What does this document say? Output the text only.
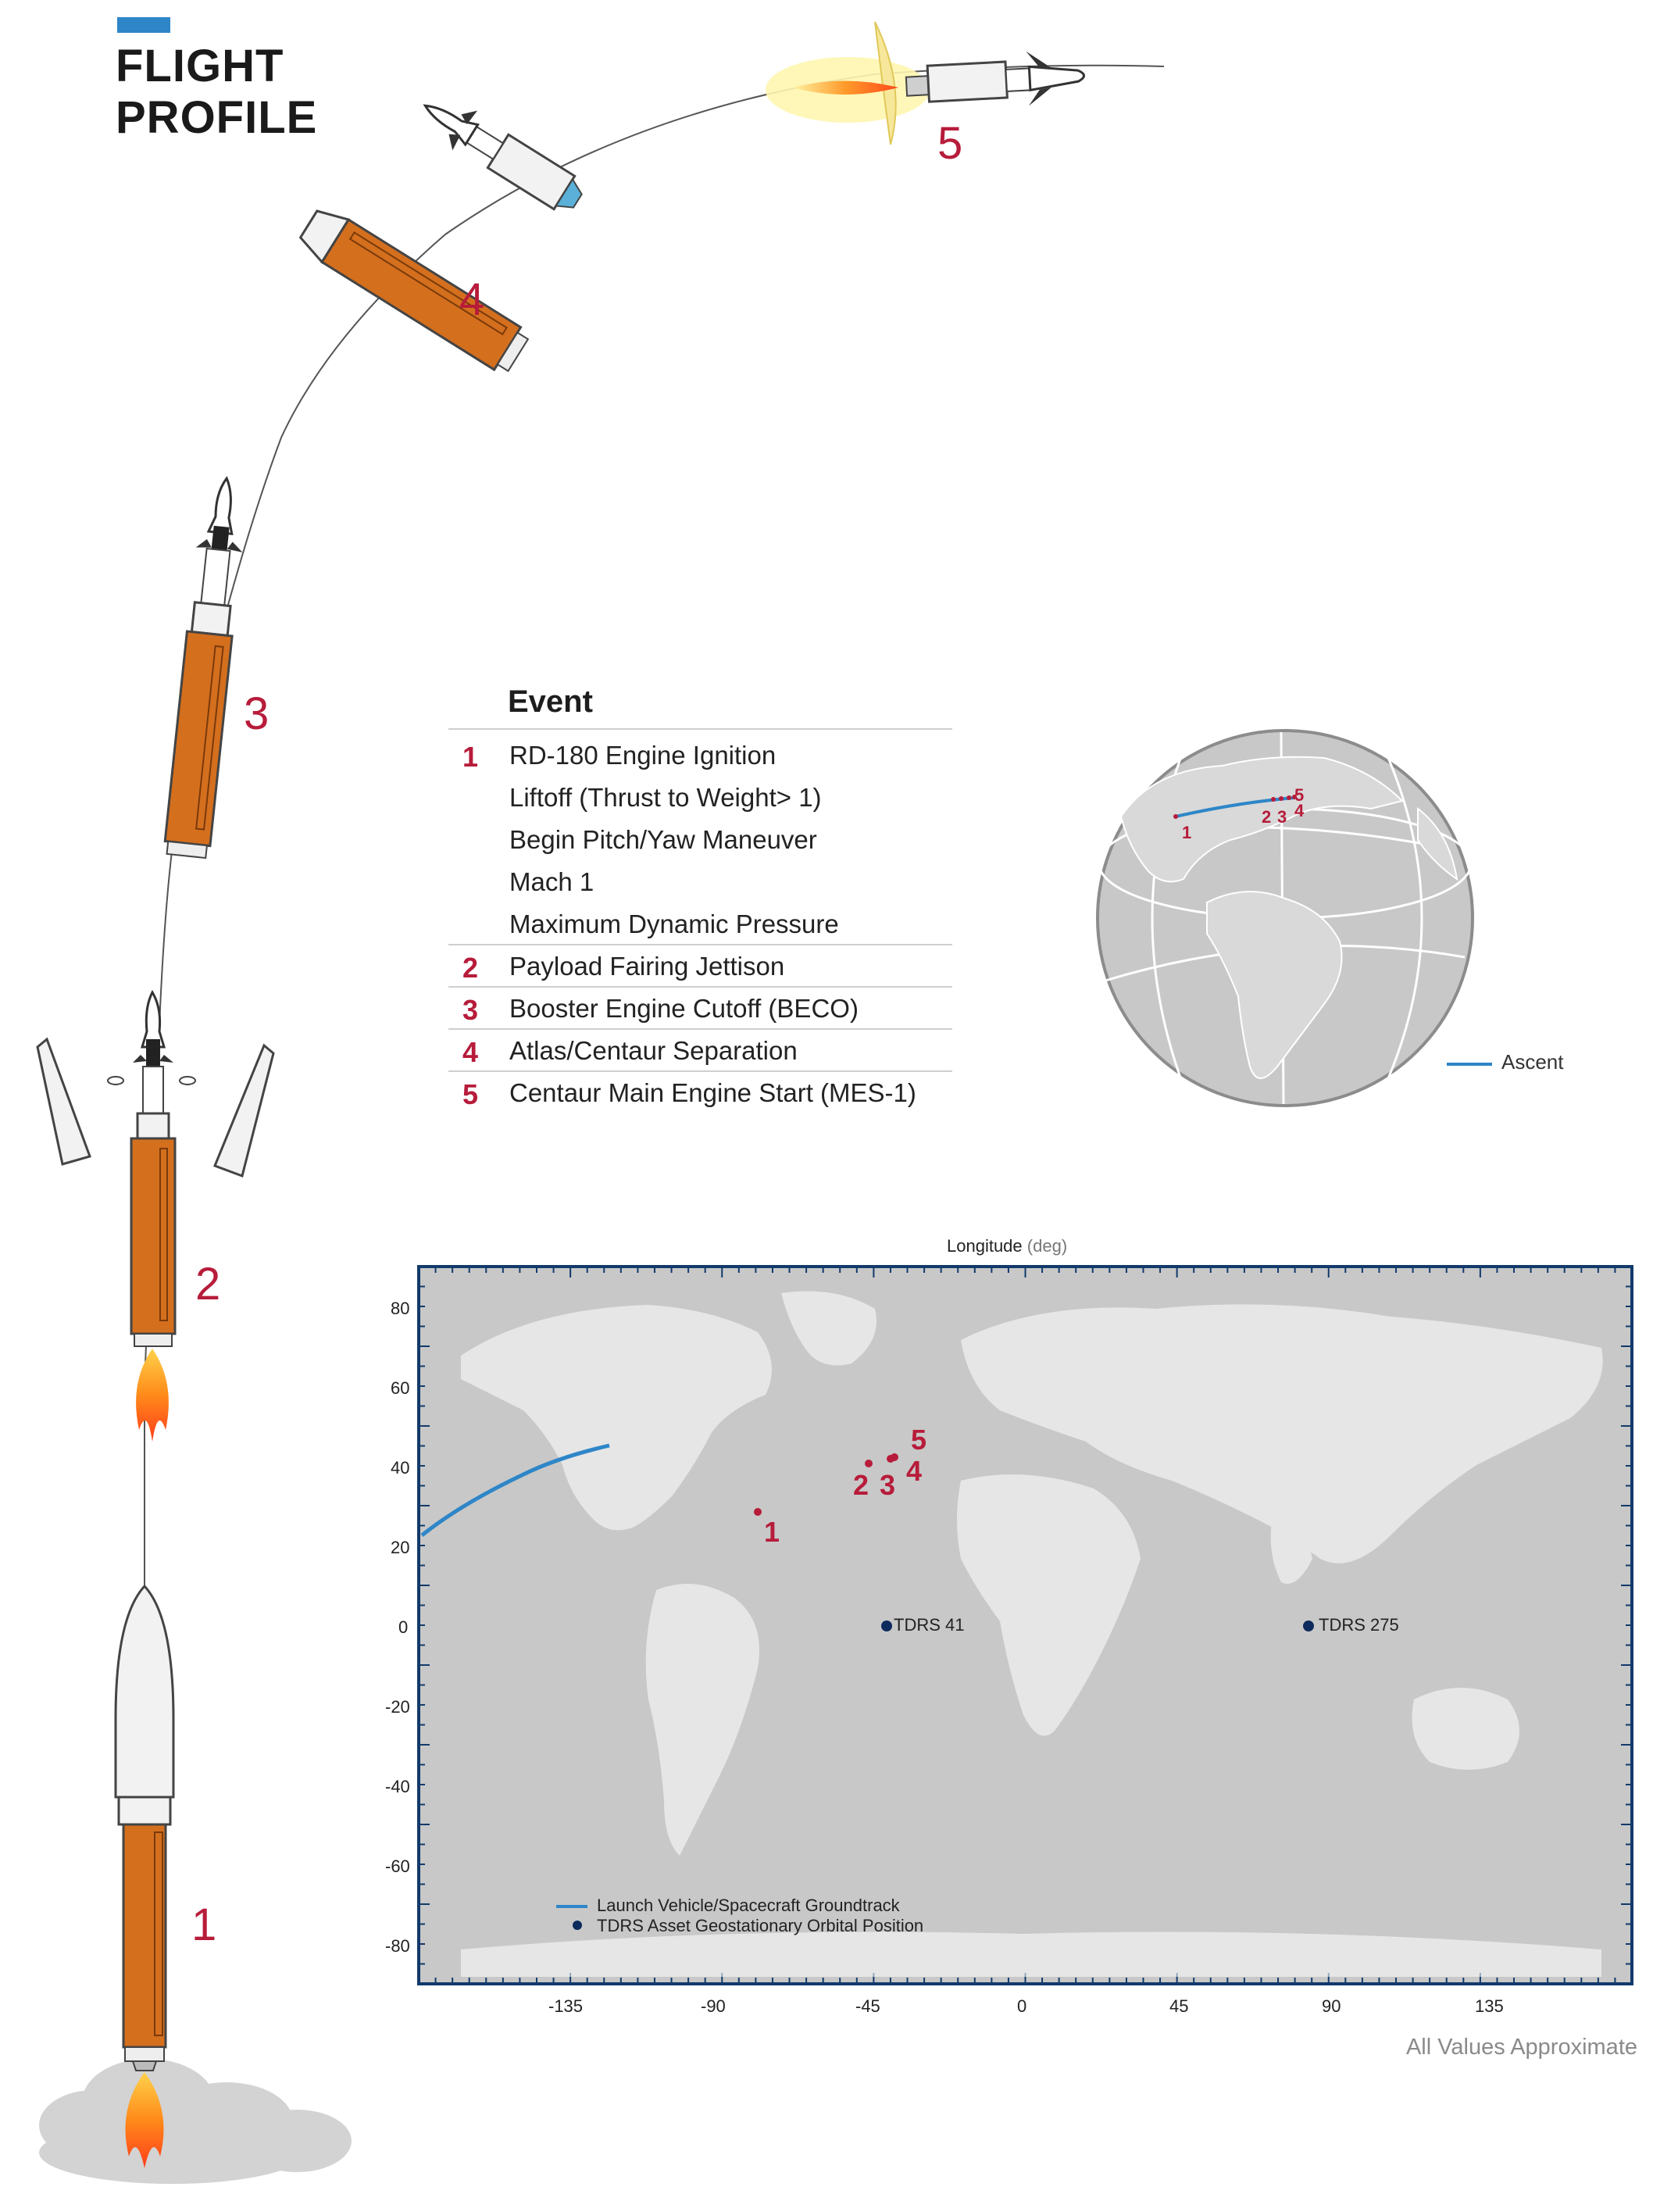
FLIGHT
PROFILE
1
2
3
4
5
Event
1 RD-180 Engine Ignition
Liftoff (Thrust to Weight> 1)
Begin Pitch/Yaw Maneuver
Mach 1
Maximum Dynamic Pressure
2 Payload Fairing Jettison
3 Booster Engine Cutoff (BECO)
4 Atlas/Centaur Separation
5 Centaur Main Engine Start (MES-1)
1
2 3 4
5
Ascent
Longitude (deg)
80
60
40
20
0
-20
-40
-60
-80
-135	-90	-45	0	45	90	135
1
2 3 4
5
TDRS 41	TDRS 275
Launch Vehicle/Spacecraft Groundtrack
TDRS Asset Geostationary Orbital Position
All Values Approximate
